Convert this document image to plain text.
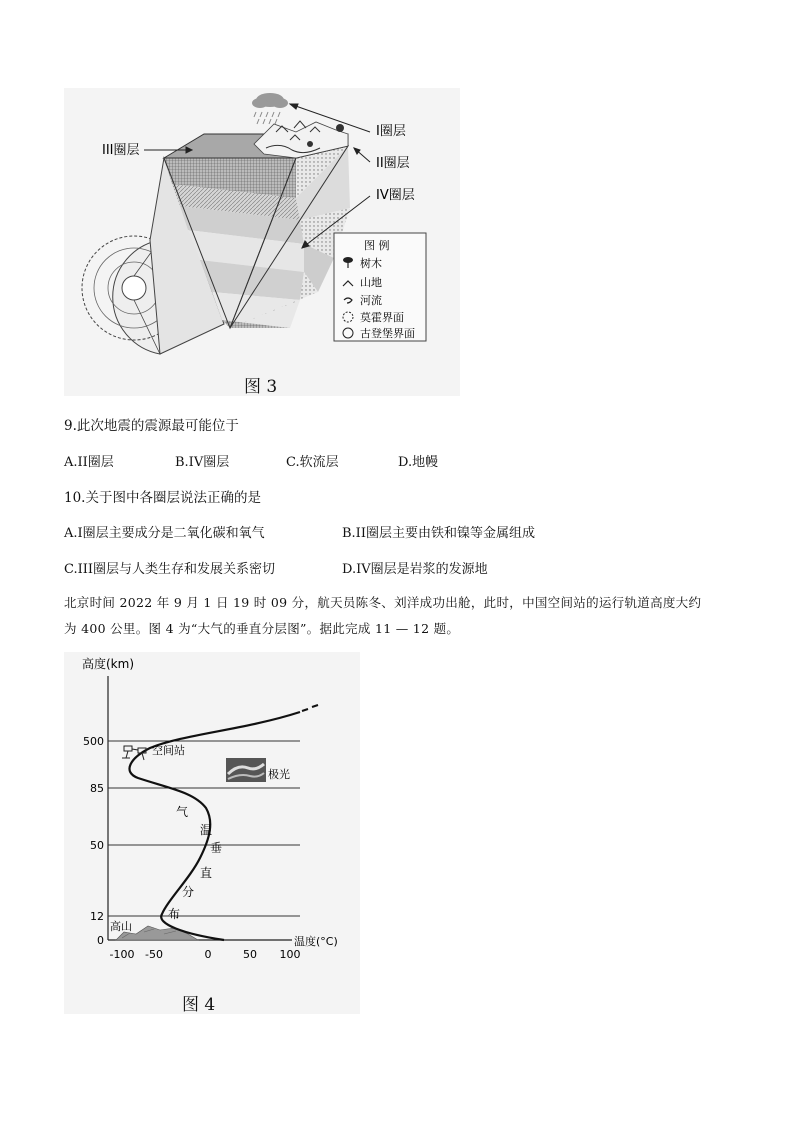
I圈层
II圈层
III圈层
IV圈层
图 例
树木
山地
河流
莫霍界面
古登堡界面
图 3
9.此次地震的震源最可能位于
A.II圈层	B.IV圈层	C.软流层	D.地幔
10.关于图中各圈层说法正确的是
A.I圈层主要成分是二氧化碳和氧气	B.II圈层主要由铁和镍等金属组成
C.III圈层与人类生存和发展关系密切	D.IV圈层是岩浆的发源地
北京时间 2022 年 9 月 1 日 19 时 09 分，航天员陈冬、刘洋成功出舱，此时，中国空间站的运行轨道高度大约
为 400 公里。图 4 为“大气的垂直分层图”。据此完成 11 — 12 题。
高度(km)
温度(°C)
500
85
50
12
0
-100 -50	0	50 100
高山
气
温
垂
直
分
布
空间站
极光
图 4
